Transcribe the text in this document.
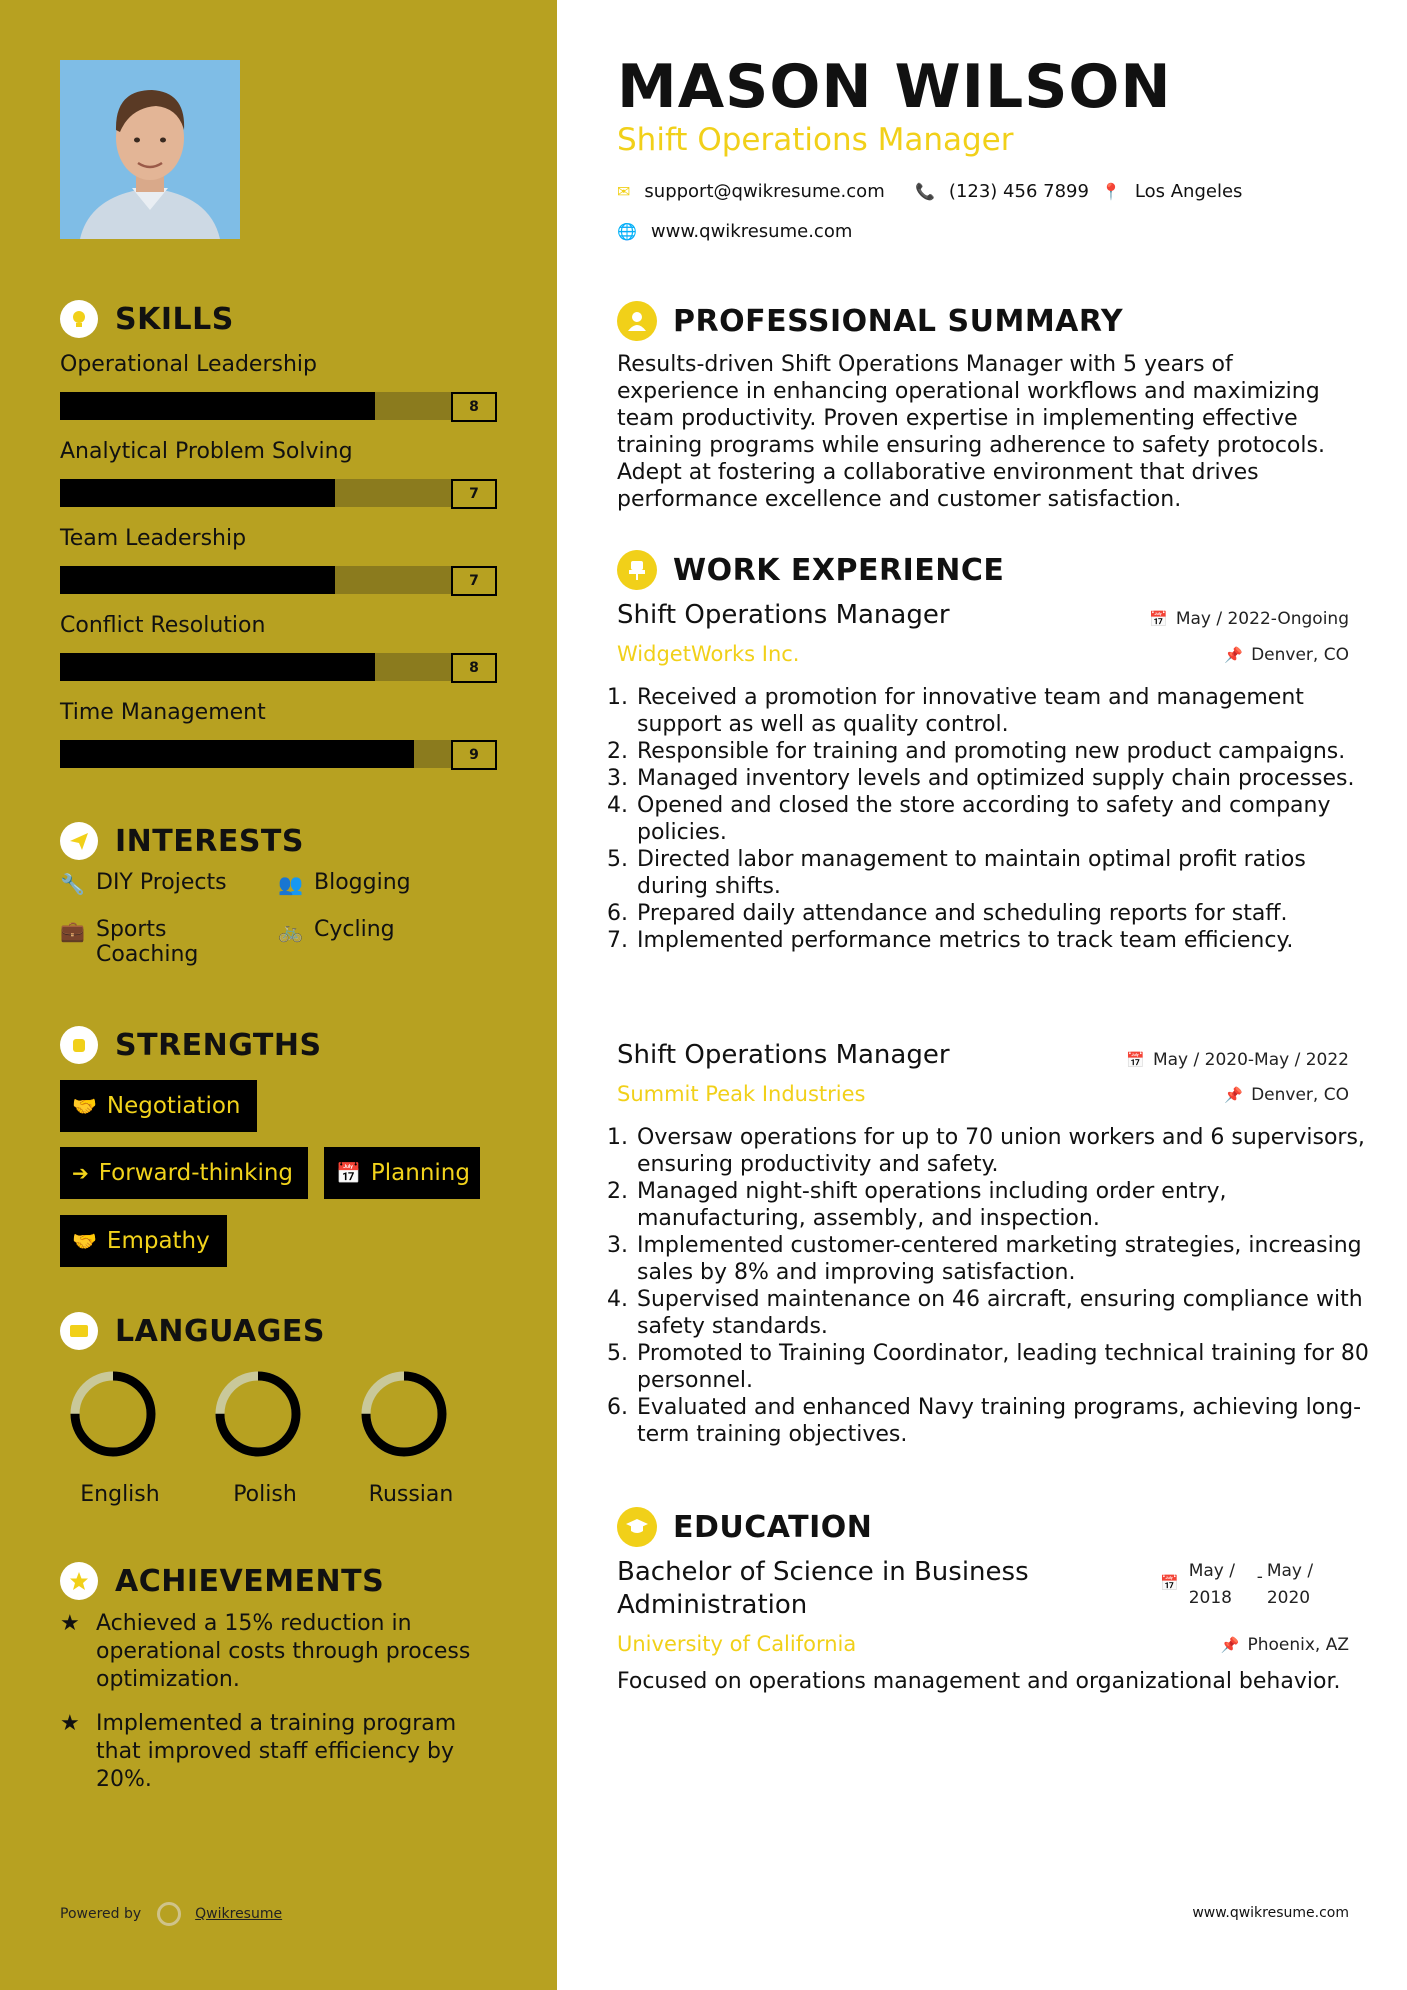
SKILLS
Operational Leadership
8
Analytical Problem Solving
7
Team Leadership
7
Conflict Resolution
8
Time Management
9
INTERESTS
🔧 DIY Projects	👥 Blogging
💼 Sports Coaching
🚲 Cycling
STRENGTHS
🤝 Negotiation
➔ Forward-thinking 📅 Planning
🤝 Empathy
LANGUAGES
English	Polish	Russian
ACHIEVEMENTS
★ Achieved a 15% reduction in operational costs through process optimization.
★ Implemented a training program that improved staff efficiency by 20%.
Powered by	Qwikresume
MASON WILSON
Shift Operations Manager
✉ support@qwikresume.com 📞 (123) 456 7899 📍 Los Angeles
🌐 www.qwikresume.com
PROFESSIONAL SUMMARY
Results-driven Shift Operations Manager with 5 years of experience in enhancing operational workflows and maximizing team productivity. Proven expertise in implementing effective training programs while ensuring adherence to safety protocols. Adept at fostering a collaborative environment that drives performance excellence and customer satisfaction.
WORK EXPERIENCE
Shift Operations Manager	📅 May / 2022-Ongoing
WidgetWorks Inc.	📌 Denver, CO
1. Received a promotion for innovative team and management support as well as quality control.
2. Responsible for training and promoting new product campaigns.
3. Managed inventory levels and optimized supply chain processes.
4. Opened and closed the store according to safety and company policies.
5. Directed labor management to maintain optimal profit ratios during shifts.
6. Prepared daily attendance and scheduling reports for staff.
7. Implemented performance metrics to track team efficiency.
Shift Operations Manager	📅 May / 2020-May / 2022
Summit Peak Industries	📌 Denver, CO
1. Oversaw operations for up to 70 union workers and 6 supervisors, ensuring productivity and safety.
2. Managed night-shift operations including order entry, manufacturing, assembly, and inspection.
3. Implemented customer-centered marketing strategies, increasing sales by 8% and improving satisfaction.
4. Supervised maintenance on 46 aircraft, ensuring compliance with safety standards.
5. Promoted to Training Coordinator, leading technical training for 80 personnel.
6. Evaluated and enhanced Navy training programs, achieving long-term training objectives.
EDUCATION
Bachelor of Science in Business Administration
📅
May / 2018
- May / 2020
University of California	📌 Phoenix, AZ
Focused on operations management and organizational behavior.
www.qwikresume.com
